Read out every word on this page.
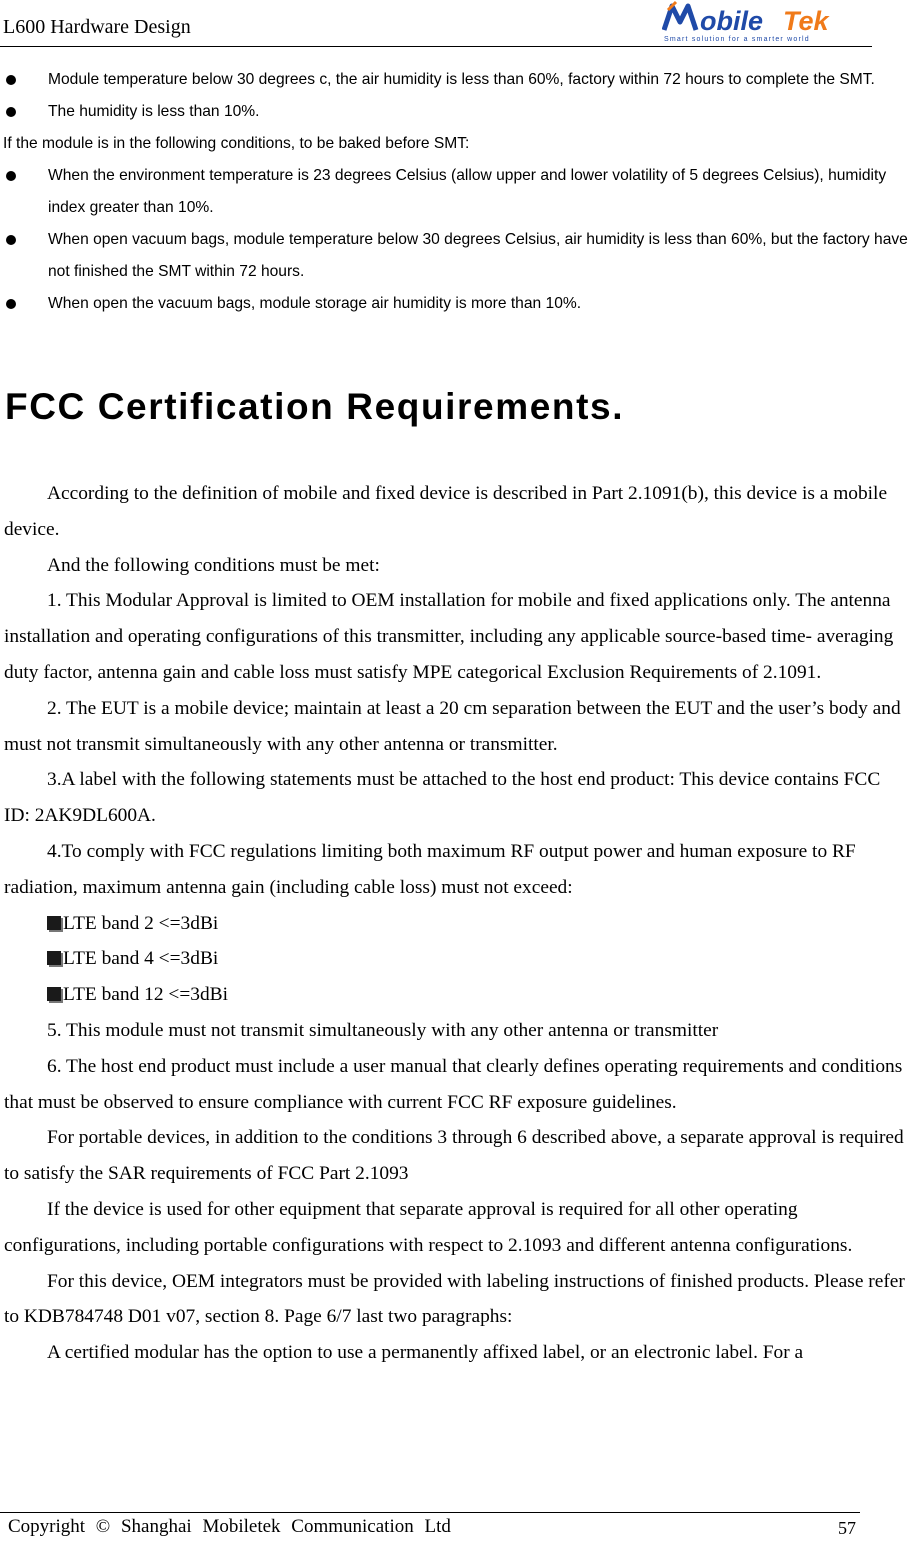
L600 Hardware Design	obile Tek
Smart solution for a smarter world
Module temperature below 30 degrees c, the air humidity is less than 60%, factory within 72 hours to complete the SMT.
The humidity is less than 10%.
If the module is in the following conditions, to be baked before SMT:
When the environment temperature is 23 degrees Celsius (allow upper and lower volatility of 5 degrees Celsius), humidity index greater than 10%.
When open vacuum bags, module temperature below 30 degrees Celsius, air humidity is less than 60%, but the factory have not finished the SMT within 72 hours.
When open the vacuum bags, module storage air humidity is more than 10%.
FCC Certification Requirements.

According to the definition of mobile and fixed device is described in Part 2.1091(b), this device is a mobile device.

And the following conditions must be met:

1. This Modular Approval is limited to OEM installation for mobile and fixed applications only. The antenna installation and operating configurations of this transmitter, including any applicable source-based time- averaging duty factor, antenna gain and cable loss must satisfy MPE categorical Exclusion Requirements of 2.1091.

2. The EUT is a mobile device; maintain at least a 20 cm separation between the EUT and the user’s body and must not transmit simultaneously with any other antenna or transmitter.

3.A label with the following statements must be attached to the host end product: This device contains FCC ID: 2AK9DL600A.

4.To comply with FCC regulations limiting both maximum RF output power and human exposure to RF radiation, maximum antenna gain (including cable loss) must not exceed:

LTE band 2 <=3dBi
LTE band 4 <=3dBi
LTE band 12 <=3dBi

5. This module must not transmit simultaneously with any other antenna or transmitter

6. The host end product must include a user manual that clearly defines operating requirements and conditions that must be observed to ensure compliance with current FCC RF exposure guidelines.

For portable devices, in addition to the conditions 3 through 6 described above, a separate approval is required to satisfy the SAR requirements of FCC Part 2.1093

If the device is used for other equipment that separate approval is required for all other operating configurations, including portable configurations with respect to 2.1093 and different antenna configurations.

For this device, OEM integrators must be provided with labeling instructions of finished products. Please refer to KDB784748 D01 v07, section 8. Page 6/7 last two paragraphs:

A certified modular has the option to use a permanently affixed label, or an electronic label. For a

Copyright © Shanghai Mobiletek Communication Ltd	57
